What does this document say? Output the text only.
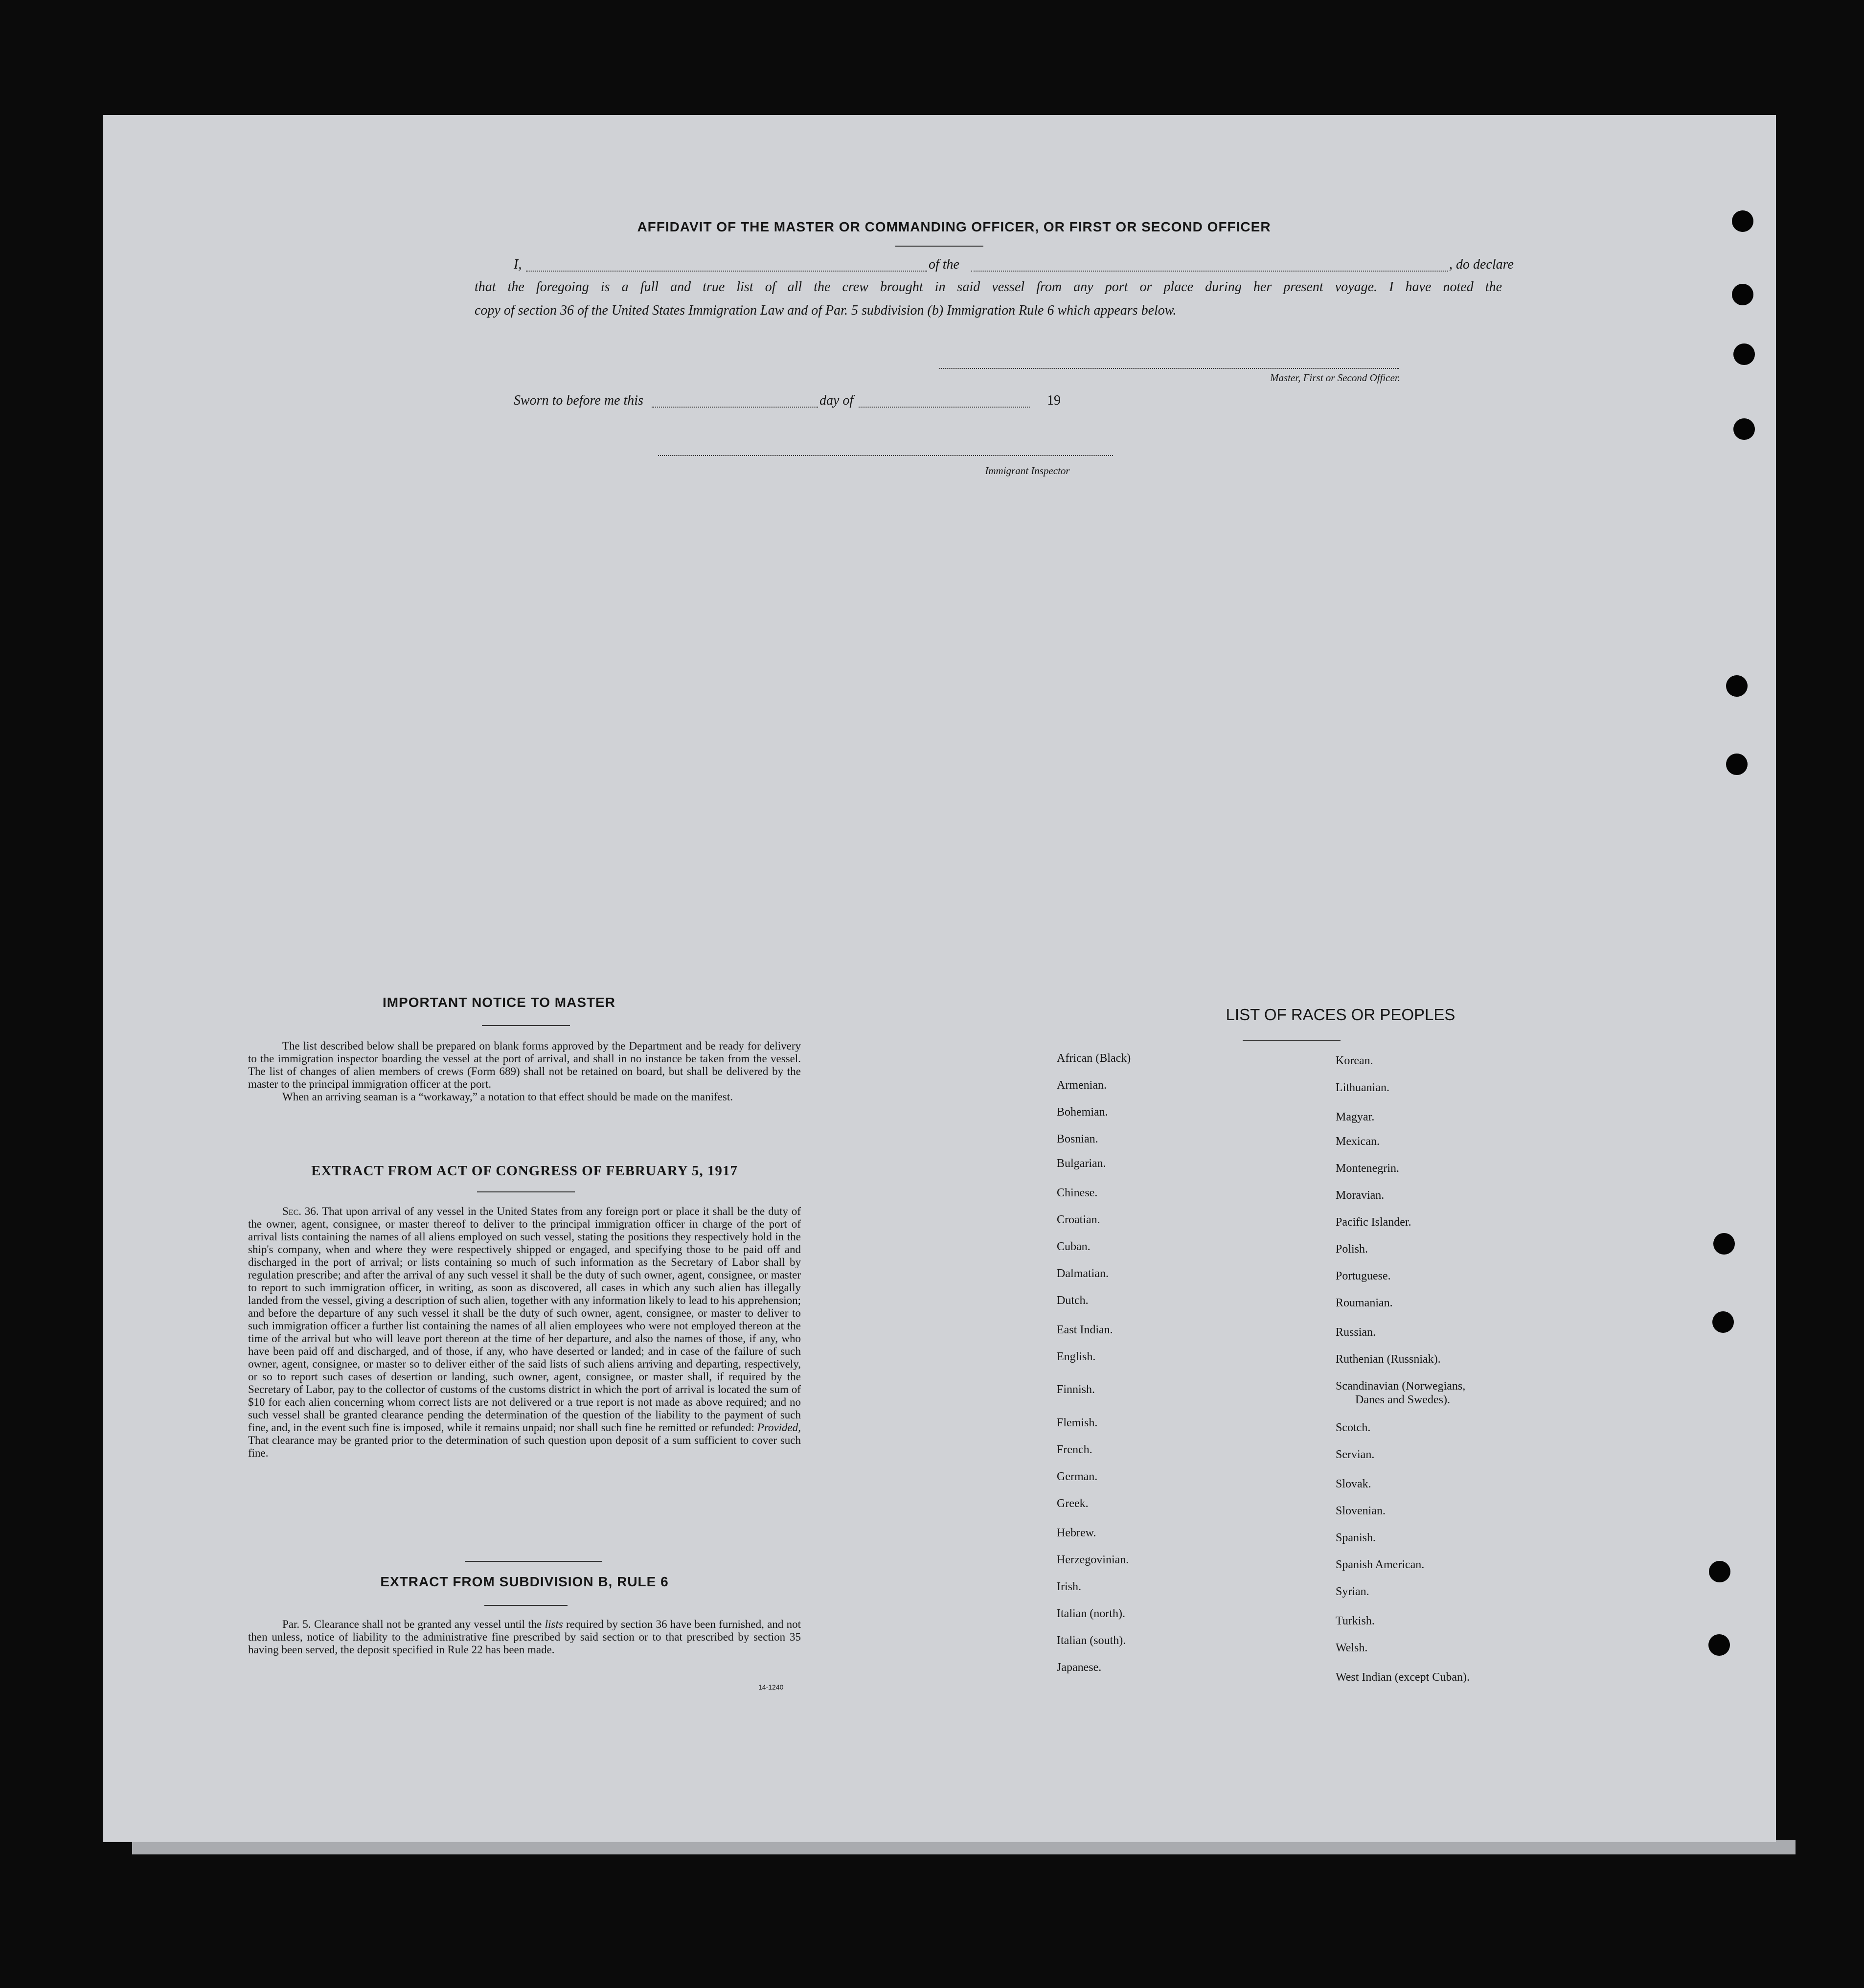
AFFIDAVIT OF THE MASTER OR COMMANDING OFFICER, OR FIRST OR SECOND OFFICER
I,	of the	, do declare
that the foregoing is a full and true list of all the crew brought in said vessel from any port or place during her present voyage. I have noted the
copy of section 36 of the United States Immigration Law and of Par. 5 subdivision (b) Immigration Rule 6 which appears below.
Master, First or Second Officer.
Sworn to before me this	day of	19
Immigrant Inspector
IMPORTANT NOTICE TO MASTER

The list described below shall be prepared on blank forms approved by the Department and be ready for delivery to the immigration inspector boarding the vessel at the port of arrival, and shall in no instance be taken from the vessel. The list of changes of alien members of crews (Form 689) shall not be retained on board, but shall be delivered by the master to the principal immigration officer at the port.

When an arriving seaman is a “workaway,” a notation to that effect should be made on the manifest.

EXTRACT FROM ACT OF CONGRESS OF FEBRUARY 5, 1917

Sec. 36. That upon arrival of any vessel in the United States from any foreign port or place it shall be the duty of the owner, agent, consignee, or master thereof to deliver to the principal immigration officer in charge of the port of arrival lists containing the names of all aliens employed on such vessel, stating the positions they respectively hold in the ship's company, when and where they were respectively shipped or engaged, and specifying those to be paid off and discharged in the port of arrival; or lists containing so much of such information as the Secretary of Labor shall by regulation prescribe; and after the arrival of any such vessel it shall be the duty of such owner, agent, consignee, or master to report to such immigration officer, in writing, as soon as discovered, all cases in which any such alien has illegally landed from the vessel, giving a description of such alien, together with any information likely to lead to his apprehension; and before the departure of any such vessel it shall be the duty of such owner, agent, consignee, or master to deliver to such immigration officer a further list containing the names of all alien employees who were not employed thereon at the time of the arrival but who will leave port thereon at the time of her departure, and also the names of those, if any, who have been paid off and discharged, and of those, if any, who have deserted or landed; and in case of the failure of such owner, agent, consignee, or master so to deliver either of the said lists of such aliens arriving and departing, respectively, or so to report such cases of desertion or landing, such owner, agent, consignee, or master shall, if required by the Secretary of Labor, pay to the collector of customs of the customs district in which the port of arrival is located the sum of $10 for each alien concerning whom correct lists are not delivered or a true report is not made as above required; and no such vessel shall be granted clearance pending the determination of the question of the liability to the payment of such fine, and, in the event such fine is imposed, while it remains unpaid; nor shall such fine be remitted or refunded: Provided, That clearance may be granted prior to the determination of such question upon deposit of a sum sufficient to cover such fine.

EXTRACT FROM SUBDIVISION B, RULE 6

Par. 5. Clearance shall not be granted any vessel until the lists required by section 36 have been furnished, and not then unless, notice of liability to the administrative fine prescribed by said section or to that prescribed by section 35 having been served, the deposit specified in Rule 22 has been made.

14-1240
LIST OF RACES OR PEOPLES
African (Black)
Armenian.
Bohemian.
Bosnian.
Bulgarian.
Chinese.
Croatian.
Cuban.
Dalmatian.
Dutch.
East Indian.
English.
Finnish.
Flemish.
French.
German.
Greek.
Hebrew.
Herzegovinian.
Irish.
Italian (north).
Italian (south).
Japanese.
Korean.
Lithuanian.
Magyar.
Mexican.
Montenegrin.
Moravian.
Pacific Islander.
Polish.
Portuguese.
Roumanian.
Russian.
Ruthenian (Russniak).
Scandinavian (Norwegians,
Danes and Swedes).
Scotch.
Servian.
Slovak.
Slovenian.
Spanish.
Spanish American.
Syrian.
Turkish.
Welsh.
West Indian (except Cuban).
